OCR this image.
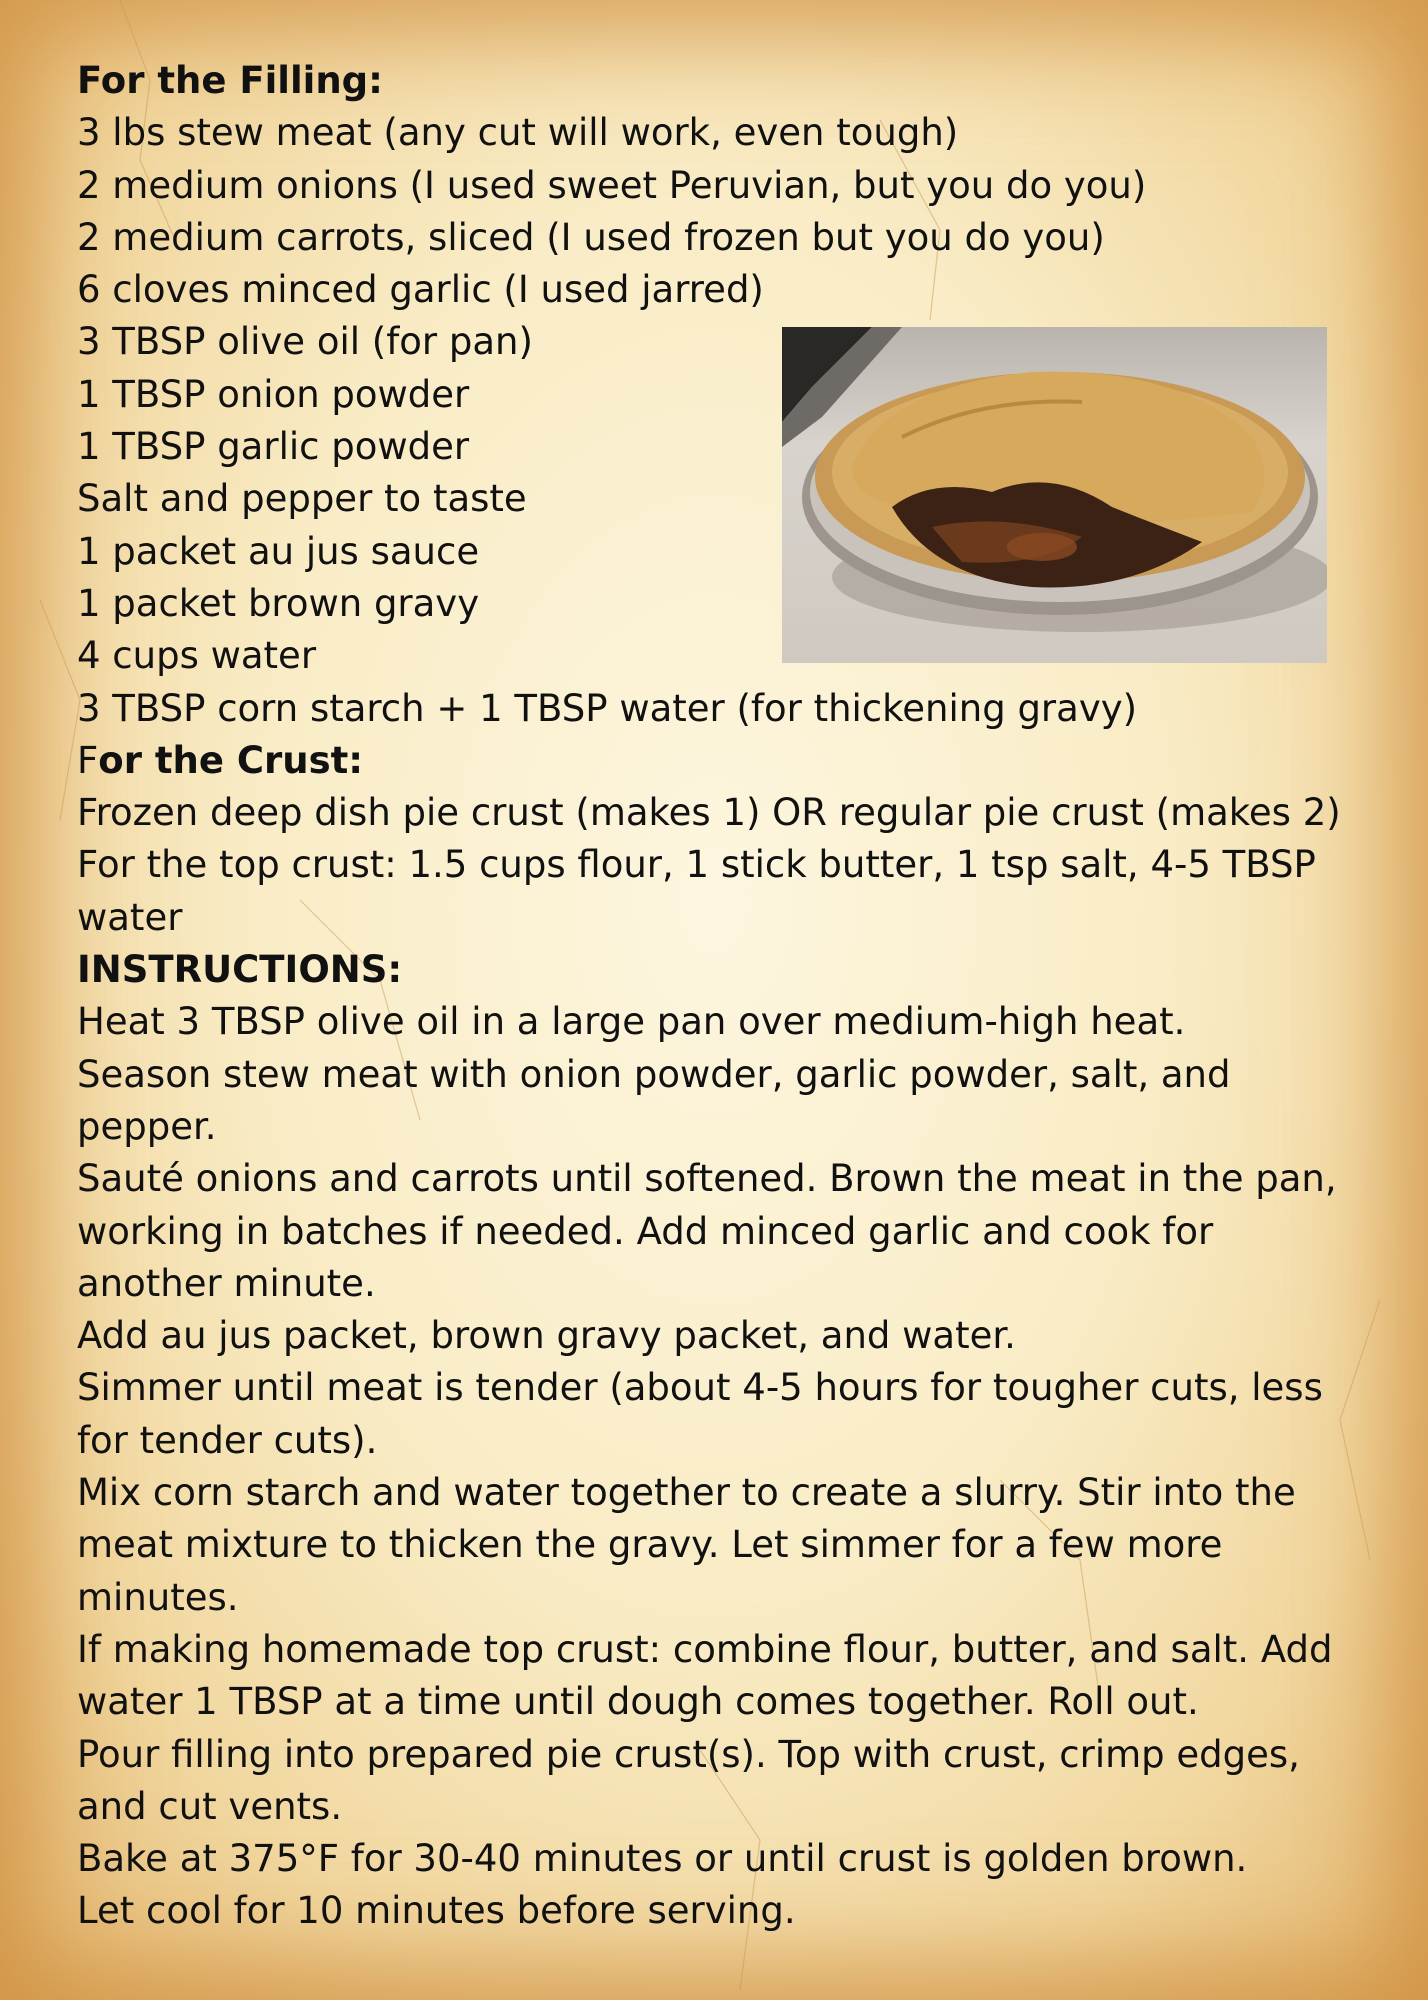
For the Filling:
3 lbs stew meat (any cut will work, even tough)
2 medium onions (I used sweet Peruvian, but you do you)
2 medium carrots, sliced (I used frozen but you do you)
6 cloves minced garlic (I used jarred)
3 TBSP olive oil (for pan)
1 TBSP onion powder
1 TBSP garlic powder
Salt and pepper to taste
1 packet au jus sauce
1 packet brown gravy
4 cups water
3 TBSP corn starch + 1 TBSP water (for thickening gravy)
For the Crust:
Frozen deep dish pie crust (makes 1) OR regular pie crust (makes 2)
For the top crust: 1.5 cups flour, 1 stick butter, 1 tsp salt, 4-5 TBSP water
INSTRUCTIONS:
Heat 3 TBSP olive oil in a large pan over medium-high heat.
Season stew meat with onion powder, garlic powder, salt, and pepper.
Sauté onions and carrots until softened. Brown the meat in the pan, working in batches if needed. Add minced garlic and cook for another minute.
Add au jus packet, brown gravy packet, and water.
Simmer until meat is tender (about 4-5 hours for tougher cuts, less for tender cuts).
Mix corn starch and water together to create a slurry. Stir into the meat mixture to thicken the gravy. Let simmer for a few more minutes.
If making homemade top crust: combine flour, butter, and salt. Add water 1 TBSP at a time until dough comes together. Roll out.
Pour filling into prepared pie crust(s). Top with crust, crimp edges, and cut vents.
Bake at 375°F for 30-40 minutes or until crust is golden brown.
Let cool for 10 minutes before serving.
